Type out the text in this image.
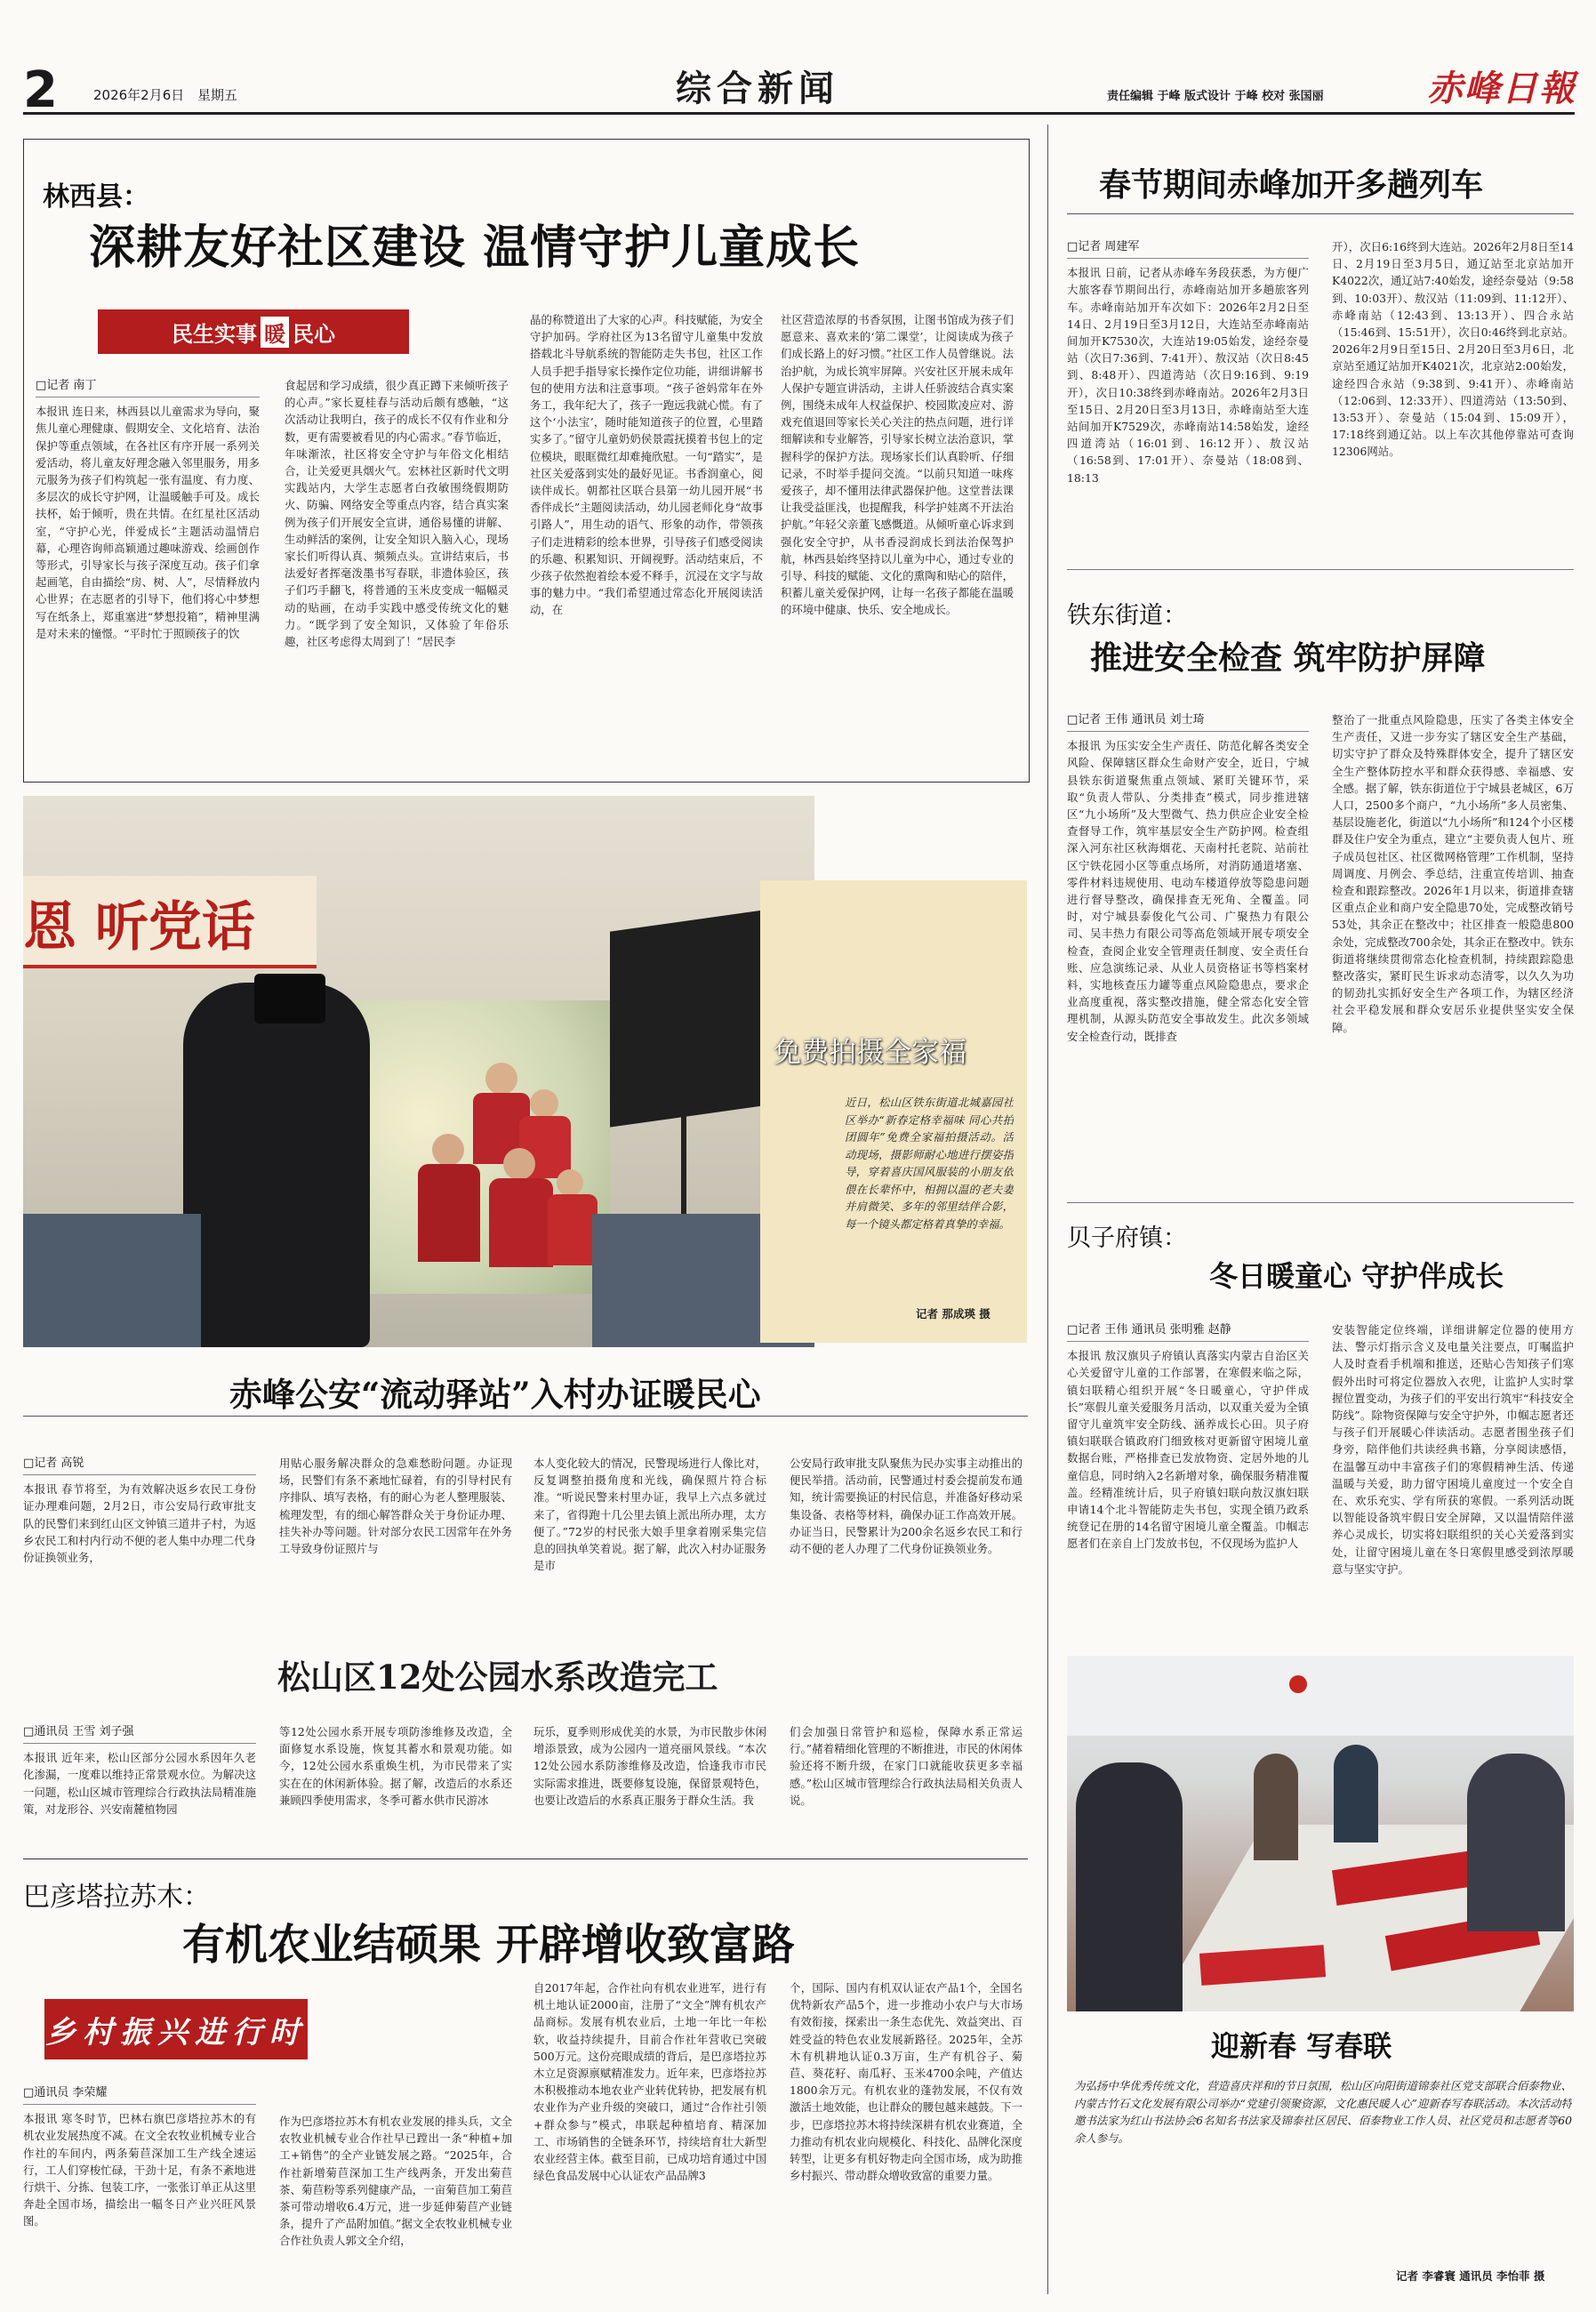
2	2026年2月6日 星期五	综合新闻	责任编辑 于峰 版式设计 于峰 校对 张国丽	赤峰日報
林西县：
深耕友好社区建设 温情守护儿童成长
民生实事 暖 民心
□记者 南丁
本报讯 连日来，林西县以儿童需求为导向，聚焦儿童心理健康、假期安全、文化培育、法治保护等重点领域，在各社区有序开展一系列关爱活动，将儿童友好理念融入邻里服务，用多元服务为孩子们构筑起一张有温度、有力度、多层次的成长守护网，让温暖触手可及。成长扶杯，始于倾听，贵在共情。在红星社区活动室，“守护心光，伴爱成长”主题活动温情启幕，心理咨询师高颖通过趣味游戏、绘画创作等形式，引导家长与孩子深度互动。孩子们拿起画笔，自由描绘“房、树、人”，尽情释放内心世界；在志愿者的引导下，他们将心中梦想写在纸条上，郑重塞进“梦想投箱”，精神里满是对未来的憧憬。“平时忙于照顾孩子的饮
食起居和学习成绩，很少真正蹲下来倾听孩子的心声。”家长夏桂春与活动后颇有感触，“这次活动让我明白，孩子的成长不仅有作业和分数，更有需要被看见的内心需求。”春节临近，年味渐浓，社区将安全守护与年俗文化相结合，让关爱更具烟火气。宏林社区新时代文明实践站内，大学生志愿者白孜敏围绕假期防火、防骗、网络安全等重点内容，结合真实案例为孩子们开展安全宣讲，通俗易懂的讲解、生动鲜活的案例，让安全知识入脑入心，现场家长们听得认真、频频点头。宣讲结束后，书法爱好者挥毫泼墨书写春联，非遗体验区，孩子们巧手翻飞，将普通的玉米皮变成一幅幅灵动的贴画，在动手实践中感受传统文化的魅力。“既学到了安全知识，又体验了年俗乐趣，社区考虑得太周到了！”居民李
晶的称赞道出了大家的心声。科技赋能，为安全守护加码。学府社区为13名留守儿童集中发放搭载北斗导航系统的智能防走失书包，社区工作人员手把手指导家长操作定位功能，讲细讲解书包的使用方法和注意事项。“孩子爸妈常年在外务工，我年纪大了，孩子一跑远我就心慌。有了这个‘小法宝’，随时能知道孩子的位置，心里踏实多了。”留守儿童奶奶侯景霞抚摸着书包上的定位模块，眼眶微红却难掩欣慰。一句“踏实”，是社区关爱落到实处的最好见证。书香润童心，阅读伴成长。朝都社区联合县第一幼儿园开展“书香伴成长”主题阅读活动，幼儿园老师化身“故事引路人”，用生动的语气、形象的动作，带领孩子们走进精彩的绘本世界，引导孩子们感受阅读的乐趣、积累知识、开阔视野。活动结束后，不少孩子依然抱着绘本爱不释手，沉浸在文字与故事的魅力中。“我们希望通过常态化开展阅读活动，在
社区营造浓厚的书香氛围，让图书馆成为孩子们愿意来、喜欢来的‘第二课堂’，让阅读成为孩子们成长路上的好习惯。”社区工作人员曾继说。法治护航，为成长筑牢屏障。兴安社区开展未成年人保护专题宣讲活动，主讲人任骄波结合真实案例，围绕未成年人权益保护、校园欺凌应对、游戏充值退回等家长关心关注的热点问题，进行详细解读和专业解答，引导家长树立法治意识，掌握科学的保护方法。现场家长们认真聆听、仔细记录，不时举手提问交流。“以前只知道一味疼爱孩子，却不懂用法律武器保护他。这堂普法课让我受益匪浅，也提醒我，科学护娃离不开法治护航。”年轻父亲董飞感慨道。从倾听童心诉求到强化安全守护，从书香浸润成长到法治保驾护航，林西县始终坚持以儿童为中心，通过专业的引导、科技的赋能、文化的熏陶和贴心的陪伴，积蓄儿童关爱保护网，让每一名孩子都能在温暖的环境中健康、快乐、安全地成长。
恩 听党话
免费拍摄全家福
近日，松山区铁东街道北城嘉园社区举办“新春定格幸福味 同心共拍团圆年”免费全家福拍摄活动。活动现场，摄影师耐心地进行摆姿指导，穿着喜庆国风服装的小朋友依偎在长辈怀中，相拥以温的老夫妻并肩微笑、多年的邻里结伴合影，每一个镜头都定格着真挚的幸福。
记者 那成瑛 摄
赤峰公安“流动驿站”入村办证暖民心
□记者 高锐
本报讯 春节将至，为有效解决返乡农民工身份证办理难问题，2月2日，市公安局行政审批支队的民警们来到红山区文钟镇三道井子村，为返乡农民工和村内行动不便的老人集中办理二代身份证换领业务，
用贴心服务解决群众的急难愁盼问题。办证现场，民警们有条不紊地忙碌着，有的引导村民有序排队、填写表格，有的耐心为老人整理服装、梳理发型，有的细心解答群众关于身份证办理、挂失补办等问题。针对部分农民工因常年在外务工导致身份证照片与
本人变化较大的情况，民警现场进行人像比对，反复调整拍摄角度和光线，确保照片符合标准。“听说民警来村里办证，我早上六点多就过来了，省得跑十几公里去镇上派出所办理，太方便了。”72岁的村民张大娘手里拿着刚采集完信息的回执单笑着说。据了解，此次入村办证服务是市
公安局行政审批支队聚焦为民办实事主动推出的便民举措。活动前，民警通过村委会提前发布通知，统计需要换证的村民信息，并准备好移动采集设备、表格等材料，确保办证工作高效开展。办证当日，民警累计为200余名返乡农民工和行动不便的老人办理了二代身份证换领业务。
松山区12处公园水系改造完工
□通讯员 王雪 刘子强
本报讯 近年来，松山区部分公园水系因年久老化渗漏，一度难以维持正常景观水位。为解决这一问题，松山区城市管理综合行政执法局精准施策，对龙形谷、兴安南麓植物园
等12处公园水系开展专项防渗维修及改造，全面修复水系设施，恢复其蓄水和景观功能。如今，12处公园水系重焕生机，为市民带来了实实在在的休闲新体验。据了解，改造后的水系还兼顾四季使用需求，冬季可蓄水供市民游冰
玩乐，夏季则形成优美的水景，为市民散步休闲增添景致，成为公园内一道亮丽风景线。“本次12处公园水系防渗维修及改造，恰逢我市市民实际需求推进，既要修复设施，保留景观特色，也要让改造后的水系真正服务于群众生活。我
们会加强日常管护和巡检，保障水系正常运行。”赭着精细化管理的不断推进，市民的休闲体验还将不断升级，在家门口就能收获更多幸福感。”松山区城市管理综合行政执法局相关负责人说。
巴彦塔拉苏木：
有机农业结硕果 开辟增收致富路
乡村振兴进行时
□通讯员 李荣耀
本报讯 寒冬时节，巴林右旗巴彦塔拉苏木的有机农业发展热度不减。在文全农牧业机械专业合作社的车间内，两条菊苣深加工生产线全速运行，工人们穿梭忙碌，干劲十足，有条不紊地进行烘干、分拣、包装工序，一张张订单正从这里奔赴全国市场，描绘出一幅冬日产业兴旺风景图。
作为巴彦塔拉苏木有机农业发展的排头兵，文全农牧业机械专业合作社早已蹚出一条“种植+加工+销售”的全产业链发展之路。“2025年，合作社新增菊苣深加工生产线两条，开发出菊苣茶、菊苣粉等系列健康产品，一亩菊苣加工菊苣茶可带动增收6.4万元，进一步延伸菊苣产业链条，提升了产品附加值。”据文全农牧业机械专业合作社负责人郭文全介绍，
自2017年起，合作社向有机农业进军，进行有机土地认证2000亩，注册了“文全”牌有机农产品商标。发展有机农业后，土地一年比一年松软，收益持续提升，目前合作社年营收已突破500万元。这份亮眼成绩的背后，是巴彦塔拉苏木立足资源禀赋精准发力。近年来，巴彦塔拉苏木积极推动本地农业产业转优转协，把发展有机农业作为产业升级的突破口，通过“合作社引领+群众参与”模式，串联起种植培育、精深加工、市场销售的全链条环节，持续培育壮大新型农业经营主体。截至目前，已成功培育通过中国绿色食品发展中心认证农产品品牌3
个，国际、国内有机双认证农产品1个，全国名优特新农产品5个，进一步推动小农户与大市场有效衔接，探索出一条生态优先、效益突出、百姓受益的特色农业发展新路径。2025年，全苏木有机耕地认证0.3万亩，生产有机谷子、菊苣、葵花籽、南瓜籽、玉米4700余吨，产值达1800余万元。有机农业的蓬勃发展，不仅有效激活土地效能，也让群众的腰包越来越鼓。下一步，巴彦塔拉苏木将持续深耕有机农业赛道，全力推动有机农业向规模化、科技化、品牌化深度转型，让更多有机好物走向全国市场，成为助推乡村振兴、带动群众增收致富的重要力量。
春节期间赤峰加开多趟列车
□记者 周建军
本报讯 日前，记者从赤峰车务段获悉，为方便广大旅客春节期间出行，赤峰南站加开多趟旅客列车。赤峰南站加开车次如下：2026年2月2日至14日、2月19日至3月12日，大连站至赤峰南站间加开K7530次，大连站19:05始发，途经奈曼站（次日7:36到、7:41开）、敖汉站（次日8:45到、8:48开）、四道湾站（次日9:16到、9:19开），次日10:38终到赤峰南站。2026年2月3日至15日、2月20日至3月13日，赤峰南站至大连站间加开K7529次，赤峰南站14:58始发，途经四道湾站（16:01到、16:12开）、敖汉站（16:58到、17:01开）、奈曼站（18:08到、18:13
开），次日6:16终到大连站。2026年2月8日至14日、2月19日至3月5日，通辽站至北京站加开K4022次，通辽站7:40始发，途经奈曼站（9:58到、10:03开）、敖汉站（11:09到、11:12开）、赤峰南站（12:43到、13:13开）、四合永站（15:46到、15:51开），次日0:46终到北京站。2026年2月9日至15日、2月20日至3月6日，北京站至通辽站加开K4021次，北京站2:00始发，途经四合永站（9:38到、9:41开）、赤峰南站（12:06到、12:33开）、四道湾站（13:50到、13:53开）、奈曼站（15:04到、15:09开），17:18终到通辽站。以上车次其他停靠站可查询12306网站。
铁东街道：
推进安全检查 筑牢防护屏障
□记者 王伟 通讯员 刘士琦
本报讯 为压实安全生产责任、防范化解各类安全风险、保障辖区群众生命财产安全，近日，宁城县铁东街道聚焦重点领域、紧盯关键环节，采取“负责人带队、分类排查”模式，同步推进辖区“九小场所”及大型微气、热力供应企业安全检查督导工作，筑牢基层安全生产防护网。检查组深入河东社区秋海烟花、天南村托老院、站前社区宁铁花园小区等重点场所，对消防通道堵塞、零件材料违规使用、电动车楼道停放等隐患问题进行督导整改，确保排查无死角、全覆盖。同时，对宁城县泰俊化气公司、广聚热力有限公司、吴丰热力有限公司等高危领域开展专项安全检查，查阅企业安全管理责任制度、安全责任台账、应急演练记录、从业人员资格证书等档案材料，实地核查压力罐等重点风险隐患点，要求企业高度重视，落实整改措施，健全常态化安全管理机制，从源头防范安全事故发生。此次多领域安全检查行动，既排查
整治了一批重点风险隐患，压实了各类主体安全生产责任，又进一步夯实了辖区安全生产基础，切实守护了群众及特殊群体安全，提升了辖区安全生产整体防控水平和群众获得感、幸福感、安全感。据了解，铁东街道位于宁城县老城区，6万人口，2500多个商户，“九小场所”多人员密集、基层设施老化，街道以“九小场所”和124个小区楼群及住户安全为重点，建立“主要负责人包片、班子成员包社区、社区微网格管理”工作机制，坚持周调度、月例会、季总结，注重宣传培训、抽查检查和跟踪整改。2026年1月以来，街道排查辖区重点企业和商户安全隐患70处，完成整改销号53处，其余正在整改中；社区排查一般隐患800余处，完成整改700余处，其余正在整改中。铁东街道将继续贯彻常态化检查机制，持续跟踪隐患整改落实，紧盯民生诉求动态清零，以久久为功的韧劲扎实抓好安全生产各项工作，为辖区经济社会平稳发展和群众安居乐业提供坚实安全保障。
贝子府镇：
冬日暖童心 守护伴成长
□记者 王伟 通讯员 张明雅 赵静
本报讯 敖汉旗贝子府镇认真落实内蒙古自治区关心关爱留守儿童的工作部署，在寒假来临之际，镇妇联精心组织开展“冬日暖童心，守护伴成长”寒假儿童关爱服务月活动，以双重关爱为全镇留守儿童筑牢安全防线、涵养成长心田。贝子府镇妇联联合镇政府门细致核对更新留守困境儿童数据台账，严格排查已发放物资、定居外地的儿童信息，同时纳入2名新增对象，确保服务精准覆盖。经精准统计后，贝子府镇妇联向敖汉旗妇联申请14个北斗智能防走失书包，实现全镇乃政系统登记在册的14名留守困境儿童全覆盖。巾帼志愿者们在亲自上门发放书包，不仅现场为监护人
安装智能定位终端，详细讲解定位器的使用方法、警示灯指示含义及电量关注要点，叮嘱监护人及时查看手机端和推送，还贴心告知孩子们寒假外出时可将定位器放入衣兜，让监护人实时掌握位置变动，为孩子们的平安出行筑牢“科技安全防线”。除物资保障与安全守护外，巾帼志愿者还与孩子们开展暖心伴读活动。志愿者围坐孩子们身旁，陪伴他们共读经典书籍，分享阅读感悟，在温馨互动中丰富孩子们的寒假精神生活、传递温暖与关爱，助力留守困境儿童度过一个安全自在、欢乐充实、学有所获的寒假。一系列活动既以智能设备筑牢假日安全屏障，又以温情陪伴滋养心灵成长，切实将妇联组织的关心关爱落到实处，让留守困境儿童在冬日寒假里感受到浓厚暖意与坚实守护。
迎新春 写春联
为弘扬中华优秀传统文化，营造喜庆祥和的节日氛围，松山区向阳街道锦泰社区党支部联合佰泰物业、内蒙古竹石文化发展有限公司举办“党建引领聚资源，文化惠民暖人心”迎新春写春联活动。本次活动特邀书法家为红山书法协会6名知名书法家及锦泰社区居民、佰泰物业工作人员、社区党员和志愿者等60余人参与。
记者 李睿寰 通讯员 李怡菲 摄
